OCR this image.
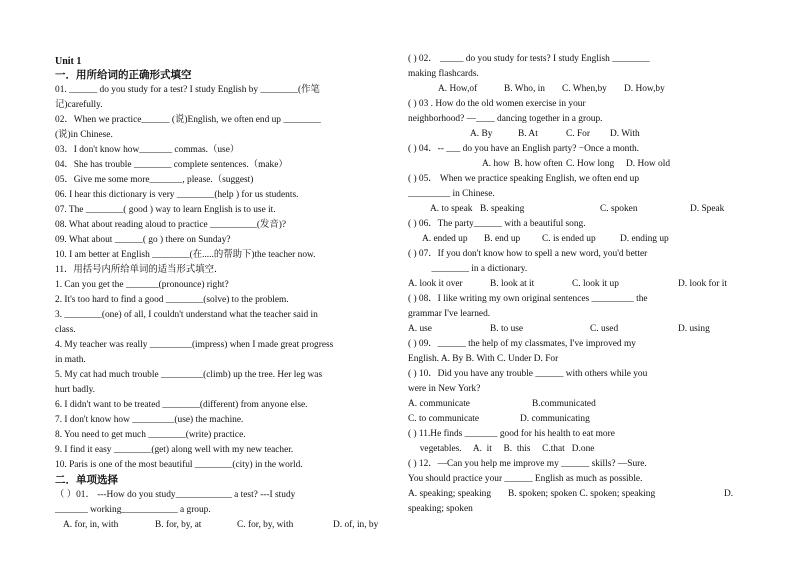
Unit 1
一．用所给词的正确形式填空
01. ______ do you study for a test? I study English by ________(作笔
记)carefully.
02．When we practice______ (说)English, we often end up ________
(说)in Chinese.
03．I don't know how_______ commas.（use）
04．She has trouble ________ complete sentences.（make）
05．Give me some more_______, please.（suggest)
06. I hear this dictionary is very ________(help ) for us students.
07. The ________( good ) way to learn English is to use it.
08. What about reading aloud to practice __________(发音)?
09. What about ______( go ) there on Sunday?
10. I am better at English ________(在.....的帮助下)the teacher now.
11．用括号内所给单词的适当形式填空．
1. Can you get the _______(pronounce) right?
2. It's too hard to find a good ________(solve) to the problem.
3. ________(one) of all, I couldn't understand what the teacher said in
class.
4. My teacher was really _________(impress) when I made great progress
in math.
5. My cat had much trouble _________(climb) up the tree. Her leg was
hurt badly.
6. I didn't want to be treated ________(different) from anyone else.
7. I don't know how _________(use) the machine.
8. You need to get much ________(write) practice.
9. I find it easy ________(get) along well with my new teacher.
10. Paris is one of the most beautiful ________(city) in the world.
二．单项选择
（ ）01． ---How do you study____________ a test? ---I study
_______ working____________ a group.
A. for, in, with	B. for, by, at	C. for, by, with	D. of, in, by
( ) 02． _____ do you study for tests? I study English ________
making flashcards.
A. How,of	B. Who, in	C. When,by	D. How,by
( ) 03 . How do the old women exercise in your
neighborhood? —____ dancing together in a group.
A. By	B. At	C. For	D. With
( ) 04．-- ___ do you have an English party? −Once a month.
A. how B. how often C. How long	D. How old
( ) 05． When we practice speaking English, we often end up
_________ in Chinese.
A. to speak B. speaking	C. spoken	D. Speak
( ) 06．The party______ with a beautiful song.
A. ended up	B. end up	C. is ended up	D. ending up
( ) 07．If you don't know how to spell a new word, you'd better
________ in a dictionary.
A. look it over	B. look at it	C. look it up	D. look for it
( ) 08．I like writing my own original sentences _________ the
grammar I've learned.
A. use	B. to use	C. used	D. using
( ) 09．______ the help of my classmates, I've improved my
English. A. By B. With C. Under D. For
( ) 10．Did you have any trouble ______ with others while you
were in New York?
A. communicate	B.communicated
C. to communicate	D. communicating
( ) 11.He finds _______ good for his health to eat more
vegetables.     A.  it     B.  this     C.that   D.one
( ) 12．—Can you help me improve my ______ skills? —Sure.
You should practice your ______ English as much as possible.
A. speaking; speaking	B. spoken; spoken C. spoken; speaking	D.
speaking; spoken
